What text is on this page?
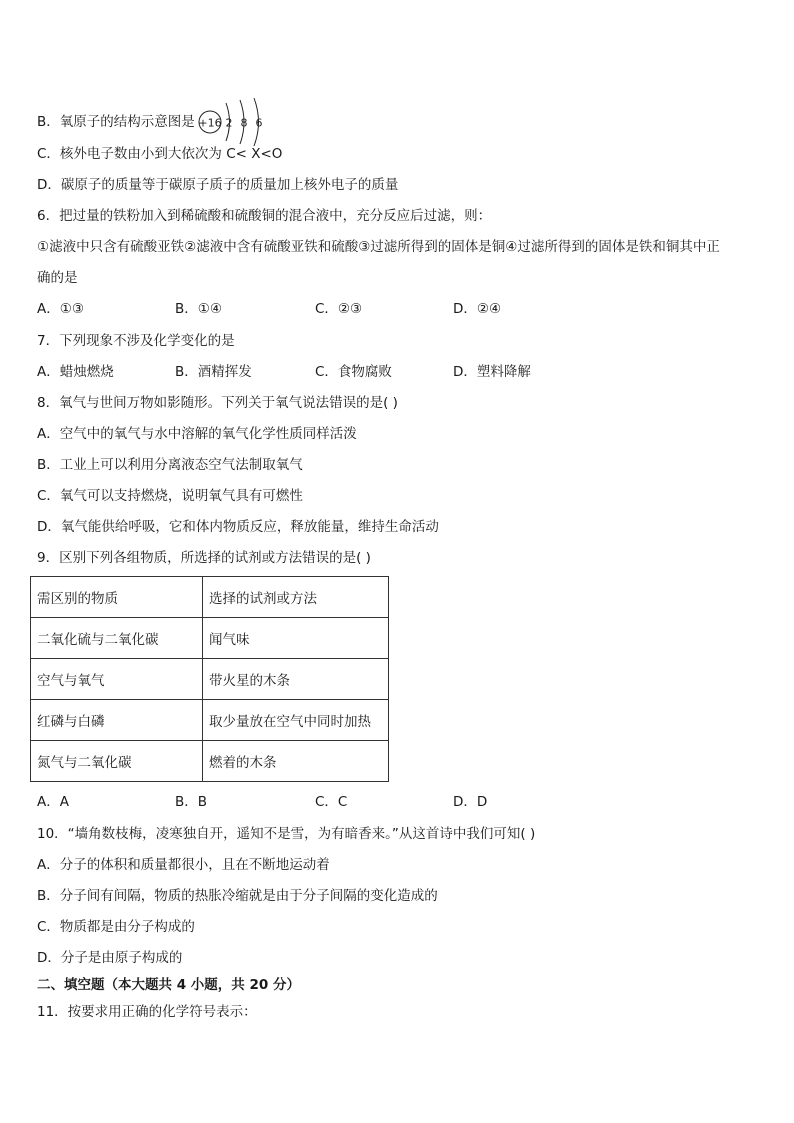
B．氧原子的结构示意图是 +16 2 8 6
C．核外电子数由小到大依次为 C< X<O
D．碳原子的质量等于碳原子质子的质量加上核外电子的质量
6．把过量的铁粉加入到稀硫酸和硫酸铜的混合液中，充分反应后过滤，则：
①滤液中只含有硫酸亚铁②滤液中含有硫酸亚铁和硫酸③过滤所得到的固体是铜④过滤所得到的固体是铁和铜其中正
确的是
A．①③	B．①④	C．②③	D．②④
7．下列现象不涉及化学变化的是
A．蜡烛燃烧	B．酒精挥发	C．食物腐败	D．塑料降解
8．氧气与世间万物如影随形。下列关于氧气说法错误的是( )
A．空气中的氧气与水中溶解的氧气化学性质同样活泼
B．工业上可以利用分离液态空气法制取氧气
C．氧气可以支持燃烧，说明氧气具有可燃性
D．氧气能供给呼吸，它和体内物质反应，释放能量，维持生命活动
9．区别下列各组物质，所选择的试剂或方法错误的是( )
需区别的物质	选择的试剂或方法
二氧化硫与二氧化碳	闻气味
空气与氧气	带火星的木条
红磷与白磷	取少量放在空气中同时加热
氮气与二氧化碳	燃着的木条
A．A	B．B	C．C	D．D
10．“墙角数枝梅，凌寒独自开，遥知不是雪，为有暗香来。”从这首诗中我们可知( )
A．分子的体积和质量都很小，且在不断地运动着
B．分子间有间隔，物质的热胀冷缩就是由于分子间隔的变化造成的
C．物质都是由分子构成的
D．分子是由原子构成的
二、填空题（本大题共 4 小题，共 20 分）
11．按要求用正确的化学符号表示：
